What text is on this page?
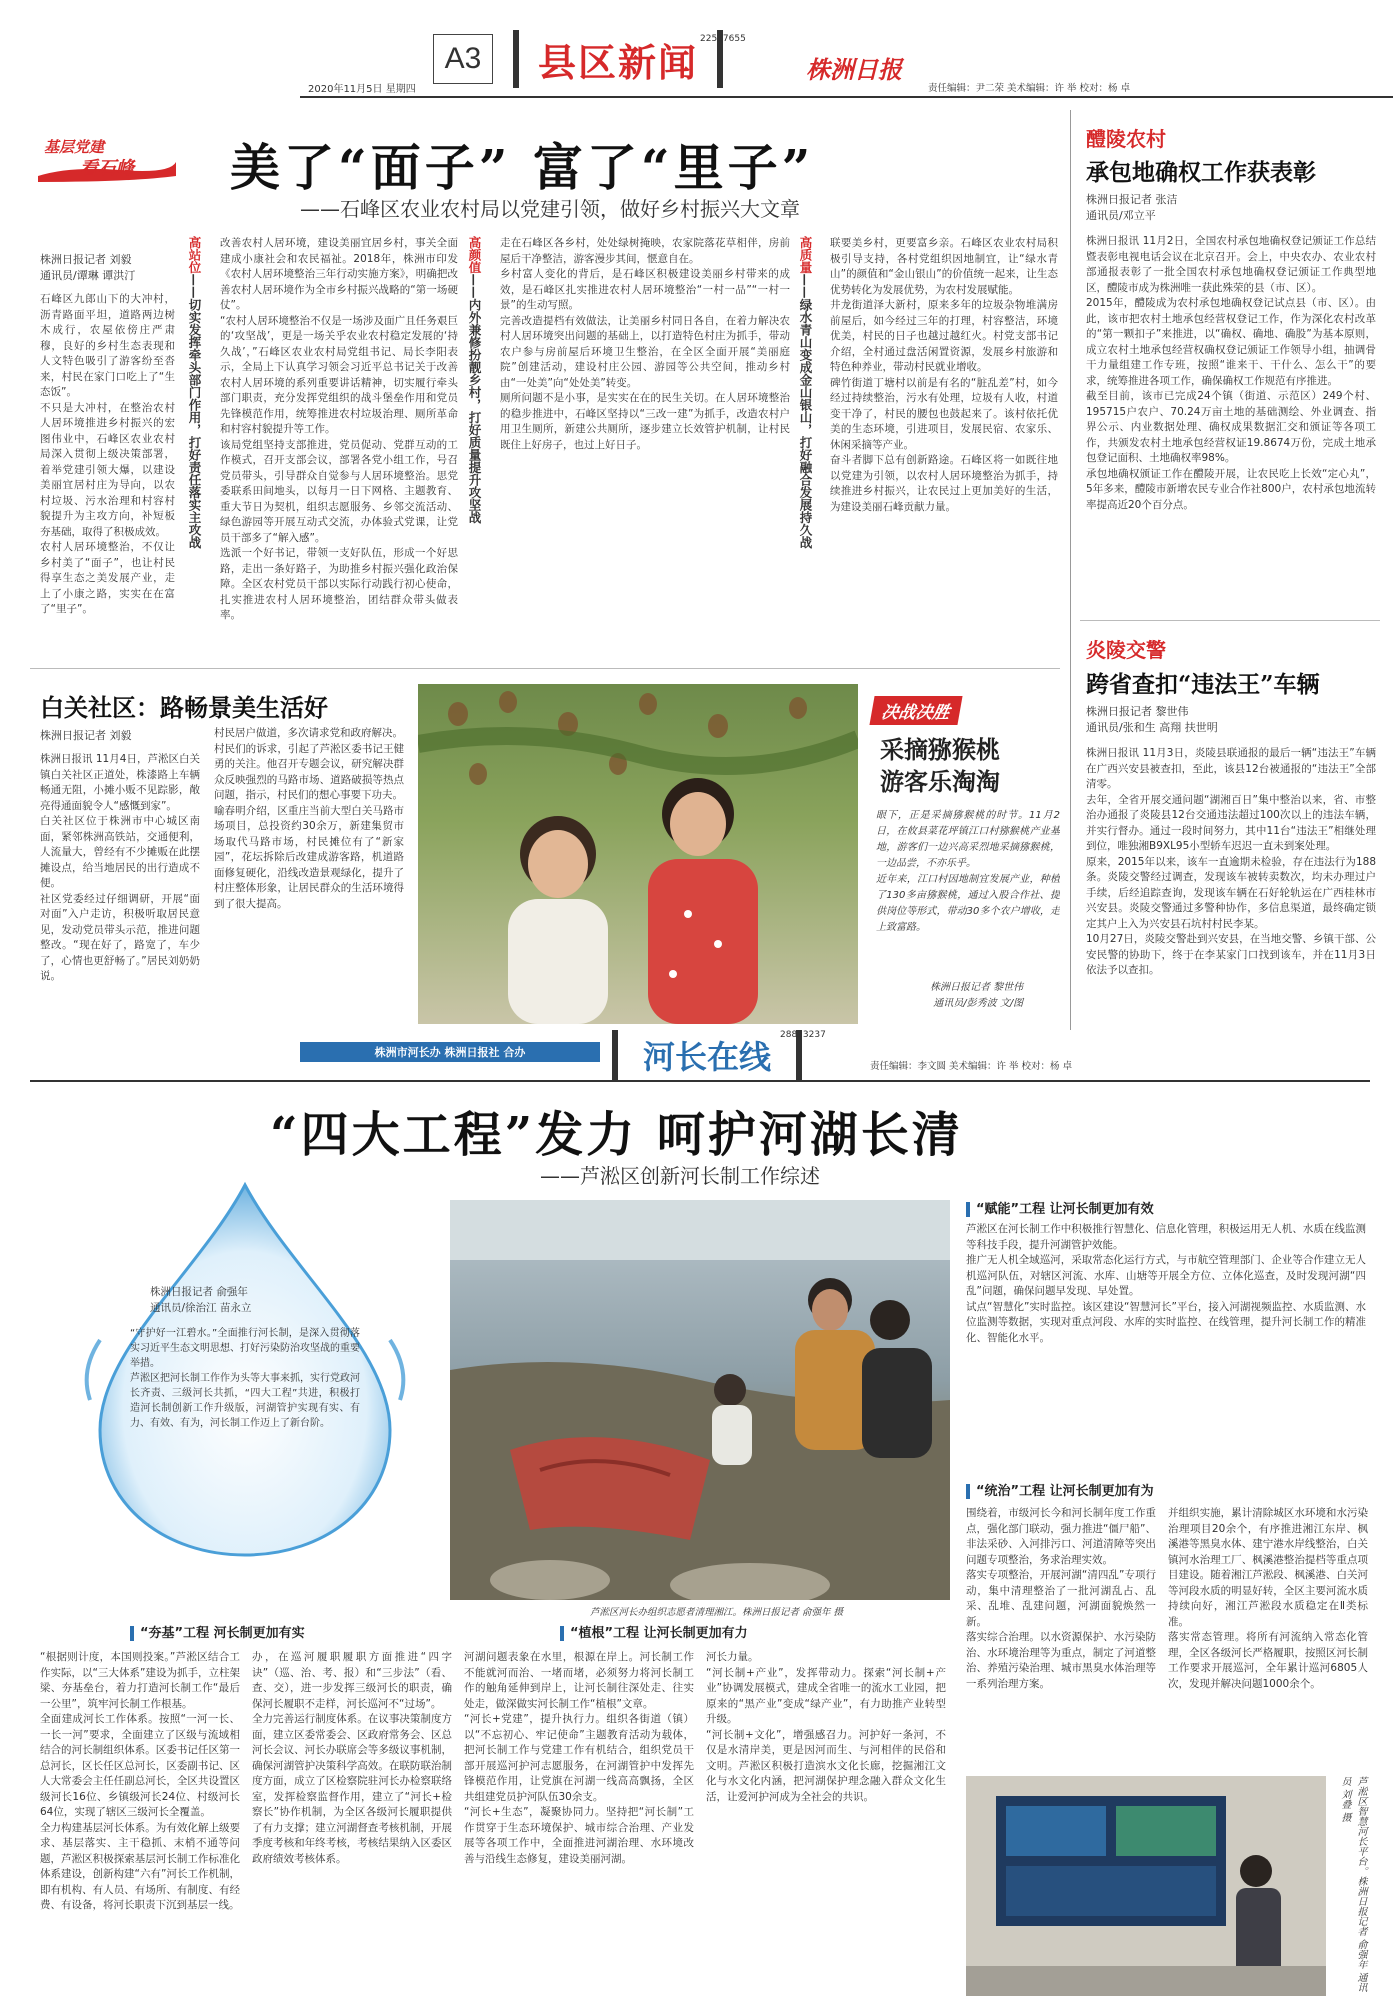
2020年11月5日 星期四
A3 县区新闻
22527655
株洲日报
责任编辑：尹二荣 美术编辑：许 举 校对：杨 卓
基层党建
看石峰 美了“面子” 富了“里子”
——石峰区农业农村局以党建引领，做好乡村振兴大文章
株洲日报记者 刘毅
通讯员/谭琳 谭洪汀
石峰区九郎山下的大冲村，沥青路面平坦，道路两边树木成行，农屋依傍庄严肃穆，良好的乡村生态表现和人文特色吸引了游客纷至沓来，村民在家门口吃上了“生态饭”。
不只是大冲村，在整治农村人居环境推进乡村振兴的宏图伟业中，石峰区农业农村局深入贯彻上级决策部署，着举党建引领大爆，以建设美丽宜居村庄为导向，以农村垃圾、污水治理和村容村貌提升为主攻方向，补短板夯基础，取得了积极成效。
农村人居环境整治，不仅让乡村美了“面子”，也让村民得享生态之美发展产业，走上了小康之路，实实在在富了“里子”。
高站位——切实发挥牵头部门作用，打好责任落实主攻战
改善农村人居环境，建设美丽宜居乡村，事关全面建成小康社会和农民福祉。2018年，株洲市印发《农村人居环境整治三年行动实施方案》，明确把改善农村人居环境作为全市乡村振兴战略的“第一场硬仗”。
“农村人居环境整治不仅是一场涉及面广且任务艰巨的‘攻坚战’，更是一场关乎农业农村稳定发展的‘持久战’，”石峰区农业农村局党组书记、局长李阳表示，全局上下认真学习领会习近平总书记关于改善农村人居环境的系列重要讲话精神，切实履行牵头部门职责，充分发挥党组织的战斗堡垒作用和党员先锋模范作用，统筹推进农村垃圾治理、厕所革命和村容村貌提升等工作。
该局党组坚持支部推进，党员促动、党群互动的工作模式，召开支部会议，部署各党小组工作，号召党员带头，引导群众自觉参与人居环境整治。思党委联系田间地头，以每月一日下网格、主题教育、重大节日为契机，组织志愿服务、乡邻交流活动、绿色游园等开展互动式交流，办体验式党课，让党员干部多了“解入感”。
选派一个好书记，带领一支好队伍，形成一个好思路，走出一条好路子，为助推乡村振兴强化政治保障。全区农村党员干部以实际行动践行初心使命，扎实推进农村人居环境整治，团结群众带头做表率。
高颜值——内外兼修扮靓乡村，打好质量提升攻坚战
走在石峰区各乡村，处处绿树掩映，农家院落花草相伴，房前屋后干净整洁，游客漫步其间，惬意自在。
乡村富人变化的背后，是石峰区积极建设美丽乡村带来的成效，是石峰区扎实推进农村人居环境整治“一村一品”“一村一景”的生动写照。
完善改造提档有效做法，让美丽乡村同日各自，在着力解决农村人居环境突出问题的基础上，以打造特色村庄为抓手，带动农户参与房前屋后环境卫生整治，在全区全面开展“美丽庭院”创建活动，建设村庄公园、游园等公共空间，推动乡村由“一处美”向“处处美”转变。
厕所问题不是小事，是实实在在的民生关切。在人居环境整治的稳步推进中，石峰区坚持以“三改一建”为抓手，改造农村户用卫生厕所，新建公共厕所，逐步建立长效管护机制，让村民既住上好房子，也过上好日子。
高质量——绿水青山变成金山银山，打好融合发展持久战
联要美乡村，更要富乡亲。石峰区农业农村局积极引导支持，各村党组织因地制宜，让“绿水青山”的颜值和“金山银山”的价值统一起来，让生态优势转化为发展优势，为农村发展赋能。
井龙街道泽大新村，原来多年的垃圾杂物堆满房前屋后，如今经过三年的打理，村容整洁，环境优美，村民的日子也越过越红火。村党支部书记介绍，全村通过盘活闲置资源，发展乡村旅游和特色种养业，带动村民就业增收。
碑竹街道丁塘村以前是有名的“脏乱差”村，如今经过持续整治，污水有处理，垃圾有人收，村道变干净了，村民的腰包也鼓起来了。该村依托优美的生态环境，引进项目，发展民宿、农家乐、休闲采摘等产业。
奋斗者脚下总有创新路途。石峰区将一如既往地以党建为引领，以农村人居环境整治为抓手，持续推进乡村振兴，让农民过上更加美好的生活，为建设美丽石峰贡献力量。
醴陵农村
承包地确权工作获表彰
株洲日报记者 张洁
通讯员/邓立平
株洲日报讯 11月2日，全国农村承包地确权登记颁证工作总结暨表彰电视电话会议在北京召开。会上，中央农办、农业农村部通报表彰了一批全国农村承包地确权登记颁证工作典型地区，醴陵市成为株洲唯一获此殊荣的县（市、区）。
2015年，醴陵成为农村承包地确权登记试点县（市、区）。由此，该市把农村土地承包经营权登记工作，作为深化农村改革的“第一颗扣子”来推进，以“确权、确地、确股”为基本原则，成立农村土地承包经营权确权登记颁证工作领导小组，抽调骨干力量组建工作专班，按照“谁来干、干什么、怎么干”的要求，统筹推进各项工作，确保确权工作规范有序推进。
截至目前，该市已完成24个镇（街道、示范区）249个村、195715户农户、70.24万亩土地的基础测绘、外业调查、指界公示、内业数据处理、确权成果数据汇交和颁证等各项工作，共颁发农村土地承包经营权证19.8674万份，完成土地承包登记面积、土地确权率98%。
承包地确权颁证工作在醴陵开展，让农民吃上长效“定心丸”，5年多来，醴陵市新增农民专业合作社800户，农村承包地流转率提高近20个百分点。
炎陵交警
跨省查扣“违法王”车辆
株洲日报记者 黎世伟
通讯员/张和生 高翔 扶世明
株洲日报讯 11月3日，炎陵县联通报的最后一辆“违法王”车辆在广西兴安县被查扣，至此，该县12台被通报的“违法王”全部清零。
去年，全省开展交通问题“湖湘百日”集中整治以来，省、市整治办通报了炎陵县12台交通违法超过100次以上的违法车辆，并实行督办。通过一段时间努力，其中11台“违法王”相继处理到位，唯独湘B9XL95小型轿车迟迟一直未到案处理。
原来，2015年以来，该车一直逾期未检验，存在违法行为188条。炎陵交警经过调查，发现该车被转卖数次，均未办理过户手续，后经追踪查询，发现该车辆在石好轮轨运在广西桂林市兴安县。炎陵交警通过多警种协作，多信息渠道，最终确定锁定其户上入为兴安县石坑村村民李某。
10月27日，炎陵交警赴到兴安县，在当地交警、乡镇干部、公安民警的协助下，终于在李某家门口找到该车，并在11月3日依法予以查扣。
白关社区：路畅景美生活好
株洲日报记者 刘毅
株洲日报讯 11月4日，芦淞区白关镇白关社区正道处，株漆路上车辆畅通无阻，小摊小贩不见踪影，敞亮得通面貌令人“感慨到家”。
白关社区位于株洲市中心城区南面，紧邻株洲高铁站，交通便利，人流量大，曾经有不少摊贩在此摆摊设点，给当地居民的出行造成不便。
社区党委经过仔细调研，开展“面对面”入户走访，积极听取居民意见，发动党员带头示范，推进问题整改。“现在好了，路宽了，车少了，心情也更舒畅了。”居民刘奶奶说。
村民居户做道，多次请求党和政府解决。
村民们的诉求，引起了芦淞区委书记王健勇的关注。他召开专题会议，研究解决群众反映强烈的马路市场、道路破损等热点问题，指示，村民们的想心事要下功夫。
喻春明介绍，区重庄当前大型白关马路市场项目，总投资约30余万，新建集贸市场取代马路市场，村民摊位有了“新家园”，花坛拆除后改建成游客路，机道路面修复硬化，沿线改造景观绿化，提升了村庄整体形象，让居民群众的生活环境得到了很大提高。
决战决胜
采摘猕猴桃
游客乐淘淘
眼下，正是采摘猕猴桃的时节。11月2日，在攸县菜花坪镇江口村猕猴桃产业基地，游客们一边兴高采烈地采摘猕猴桃，一边品尝，不亦乐乎。
近年来，江口村因地制宜发展产业，种植了130多亩猕猴桃，通过入股合作社、提供岗位等形式，带动30多个农户增收，走上致富路。
株洲日报记者 黎世伟
通讯员/彭秀波 文/图
株洲市河长办 株洲日报社 合办	河长在线
28823237
责任编辑：李文圆 美术编辑：许 举 校对：杨 卓
“四大工程”发力 呵护河湖长清
——芦淞区创新河长制工作综述
株洲日报记者 俞强年
通讯员/徐治江 苗永立
“守护好一江碧水。”全面推行河长制，是深入贯彻落实习近平生态文明思想、打好污染防治攻坚战的重要举措。
芦淞区把河长制工作作为头等大事来抓，实行党政河长齐责、三级河长共抓，“四大工程”共进，积极打造河长制创新工作升级版，河湖管护实现有实、有力、有效、有为，河长制工作迈上了新台阶。
芦淞区河长办组织志愿者清理湘江。株洲日报记者 俞强年 摄
“赋能”工程 让河长制更加有效
芦淞区在河长制工作中积极推行智慧化、信息化管理，积极运用无人机、水质在线监测等科技手段，提升河湖管护效能。
推广无人机全域巡河，采取常态化运行方式，与市航空管理部门、企业等合作建立无人机巡河队伍，对辖区河流、水库、山塘等开展全方位、立体化巡查，及时发现河湖“四乱”问题，确保问题早发现、早处置。
试点“智慧化”实时监控。该区建设“智慧河长”平台，接入河湖视频监控、水质监测、水位监测等数据，实现对重点河段、水库的实时监控、在线管理，提升河长制工作的精准化、智能化水平。
“统治”工程 让河长制更加有为
围绕着，市级河长今和河长制年度工作重点，强化部门联动，强力推进“僵尸船”、非法采砂、入河排污口、河道清障等突出问题专项整治，务求治理实效。
落实专项整治，开展河湖“清四乱”专项行动，集中清理整治了一批河湖乱占、乱采、乱堆、乱建问题，河湖面貌焕然一新。
落实综合治理。以水资源保护、水污染防治、水环境治理等为重点，制定了河道整治、养殖污染治理、城市黑臭水体治理等一系列治理方案。
并组织实施，累计清除城区水环境和水污染治理项目20余个，有序推进湘江东岸、枫溪港等黑臭水体、建宁港水岸线整治，白关镇河水治理工厂、枫溪港整治提档等重点项目建设。随着湘江芦淞段、枫溪港、白关河等河段水质的明显好转，全区主要河流水质持续向好，湘江芦淞段水质稳定在Ⅱ类标准。
落实常态管理。将所有河流纳入常态化管理，全区各级河长严格履职，按照区河长制工作要求开展巡河，全年累计巡河6805人次，发现并解决问题1000余个。
“夯基”工程 河长制更加有实
“根据则计度，本国则投案。”芦淞区结合工作实际，以“三大体系”建设为抓手，立柱架梁、夯基垒台，着力打造河长制工作“最后一公里”，筑牢河长制工作根基。
全面建成河长工作体系。按照“一河一长、一长一河”要求，全面建立了区级与流域相结合的河长制组织体系。区委书记任区第一总河长，区长任区总河长，区委副书记、区人大常委会主任任副总河长，全区共设置区级河长16位、乡镇级河长24位、村级河长64位，实现了辖区三级河长全覆盖。
全力构建基层河长体系。为有效化解上级要求、基层落实、主干稳抓、末梢不通等问题，芦淞区积极探索基层河长制工作标准化体系建设，创新构建“六有”河长工作机制，即有机构、有人员、有场所、有制度、有经费、有设备，将河长职责下沉到基层一线。
办，在巡河履职履职方面推进“四字诀”（巡、治、考、报）和“三步法”（看、查、交），进一步发挥三级河长的职责，确保河长履职不走样，河长巡河不“过场”。
全力完善运行制度体系。在议事决策制度方面，建立区委常委会、区政府常务会、区总河长会议、河长办联席会等多级议事机制，确保河湖管护决策科学高效。在联防联治制度方面，成立了区检察院驻河长办检察联络室，发挥检察监督作用，建立了“河长+检察长”协作机制，为全区各级河长履职提供了有力支撑；建立河湖督查考核机制，开展季度考核和年终考核，考核结果纳入区委区政府绩效考核体系。
“植根”工程 让河长制更加有力
河湖问题表象在水里，根源在岸上。河长制工作不能就河而治、一堵而堵，必须努力将河长制工作的触角延伸到岸上，让河长制往深处走、往实处走，做深做实河长制工作“植根”文章。
“河长+党建”，提升执行力。组织各街道（镇）以“不忘初心、牢记使命”主题教育活动为载体，把河长制工作与党建工作有机结合，组织党员干部开展巡河护河志愿服务，在河湖管护中发挥先锋模范作用，让党旗在河湖一线高高飘扬，全区共组建党员护河队伍30余支。
“河长+生态”，凝聚协同力。坚持把“河长制”工作贯穿于生态环境保护、城市综合治理、产业发展等各项工作中，全面推进河湖治理、水环境改善与沿线生态修复，建设美丽河湖。
河长力量。
“河长制+产业”，发挥带动力。探索“河长制+产业”协调发展模式，建成全省唯一的流水工业园，把原来的“黑产业”变成“绿产业”，有力助推产业转型升级。
“河长制+文化”，增强感召力。河护好一条河，不仅是水清岸美，更是因河而生、与河相伴的民俗和文明。芦淞区积极打造滨水文化长廊，挖掘湘江文化与水文化内涵，把河湖保护理念融入群众文化生活，让爱河护河成为全社会的共识。	芦淞区智慧河长平台。株洲日报记者 俞强年 通讯员 刘叠 摄
